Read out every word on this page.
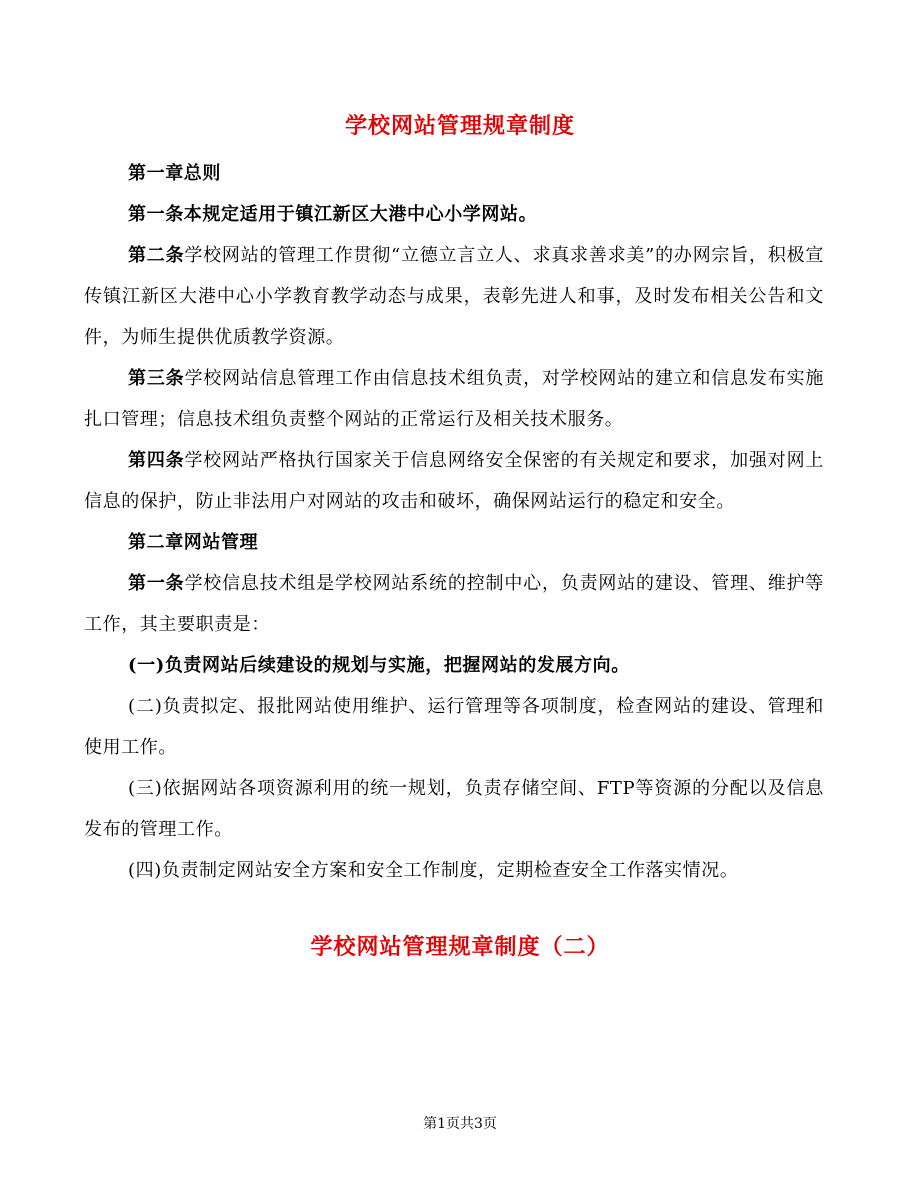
学校网站管理规章制度

第一章总则

第一条本规定适用于镇江新区大港中心小学网站。

第二条学校网站的管理工作贯彻“立德立言立人、求真求善求美”的办网宗旨，积极宣传镇江新区大港中心小学教育教学动态与成果，表彰先进人和事，及时发布相关公告和文件，为师生提供优质教学资源。

第三条学校网站信息管理工作由信息技术组负责，对学校网站的建立和信息发布实施扎口管理；信息技术组负责整个网站的正常运行及相关技术服务。

第四条学校网站严格执行国家关于信息网络安全保密的有关规定和要求，加强对网上信息的保护，防止非法用户对网站的攻击和破坏，确保网站运行的稳定和安全。

第二章网站管理

第一条学校信息技术组是学校网站系统的控制中心，负责网站的建设、管理、维护等工作，其主要职责是：

(一)负责网站后续建设的规划与实施，把握网站的发展方向。

(二)负责拟定、报批网站使用维护、运行管理等各项制度，检查网站的建设、管理和使用工作。

(三)依据网站各项资源利用的统一规划，负责存储空间、FTP等资源的分配以及信息发布的管理工作。

(四)负责制定网站安全方案和安全工作制度，定期检查安全工作落实情况。

学校网站管理规章制度（二）
第1页共3页
